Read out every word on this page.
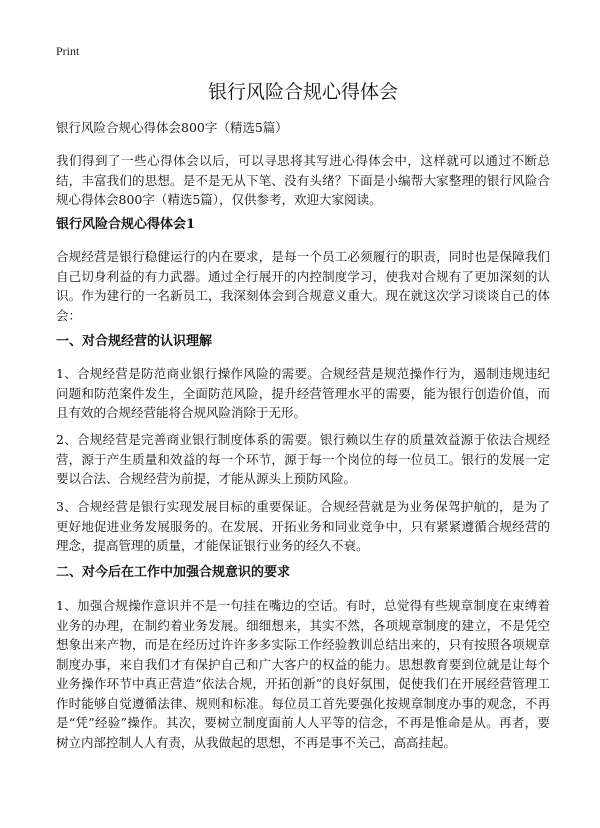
Print
银行风险合规心得体会
银行风险合规心得体会800字（精选5篇）

我们得到了一些心得体会以后，可以寻思将其写进心得体会中，这样就可以通过不断总结，丰富我们的思想。是不是无从下笔、没有头绪？下面是小编帮大家整理的银行风险合规心得体会800字（精选5篇），仅供参考，欢迎大家阅读。

银行风险合规心得体会1

合规经营是银行稳健运行的内在要求，是每一个员工必须履行的职责，同时也是保障我们自己切身利益的有力武器。通过全行展开的内控制度学习，使我对合规有了更加深刻的认识。作为建行的一名新员工，我深刻体会到合规意义重大。现在就这次学习谈谈自己的体会：

一、对合规经营的认识理解

1、合规经营是防范商业银行操作风险的需要。合规经营是规范操作行为，遏制违规违纪问题和防范案件发生，全面防范风险，提升经营管理水平的需要，能为银行创造价值，而且有效的合规经营能将合规风险消除于无形。

2、合规经营是完善商业银行制度体系的需要。银行赖以生存的质量效益源于依法合规经营，源于产生质量和效益的每一个环节，源于每一个岗位的每一位员工。银行的发展一定要以合法、合规经营为前提，才能从源头上预防风险。

3、合规经营是银行实现发展目标的重要保证。合规经营就是为业务保驾护航的，是为了更好地促进业务发展服务的。在发展、开拓业务和同业竞争中，只有紧紧遵循合规经营的理念，提高管理的质量，才能保证银行业务的经久不衰。

二、对今后在工作中加强合规意识的要求

1、加强合规操作意识并不是一句挂在嘴边的空话。有时，总觉得有些规章制度在束缚着业务的办理，在制约着业务发展。细细想来，其实不然，各项规章制度的建立，不是凭空想象出来产物，而是在经历过许许多多实际工作经验教训总结出来的，只有按照各项规章制度办事，来自我们才有保护自己和广大客户的权益的能力。思想教育要到位就是让每个业务操作环节中真正营造“依法合规，开拓创新”的良好氛围，促使我们在开展经营管理工作时能够自觉遵循法律、规则和标准。每位员工首先要强化按规章制度办事的观念，不再是“凭”经验”操作。其次，要树立制度面前人人平等的信念，不再是惟命是从。再者，要树立内部控制人人有责，从我做起的思想，不再是事不关己，高高挂起。
